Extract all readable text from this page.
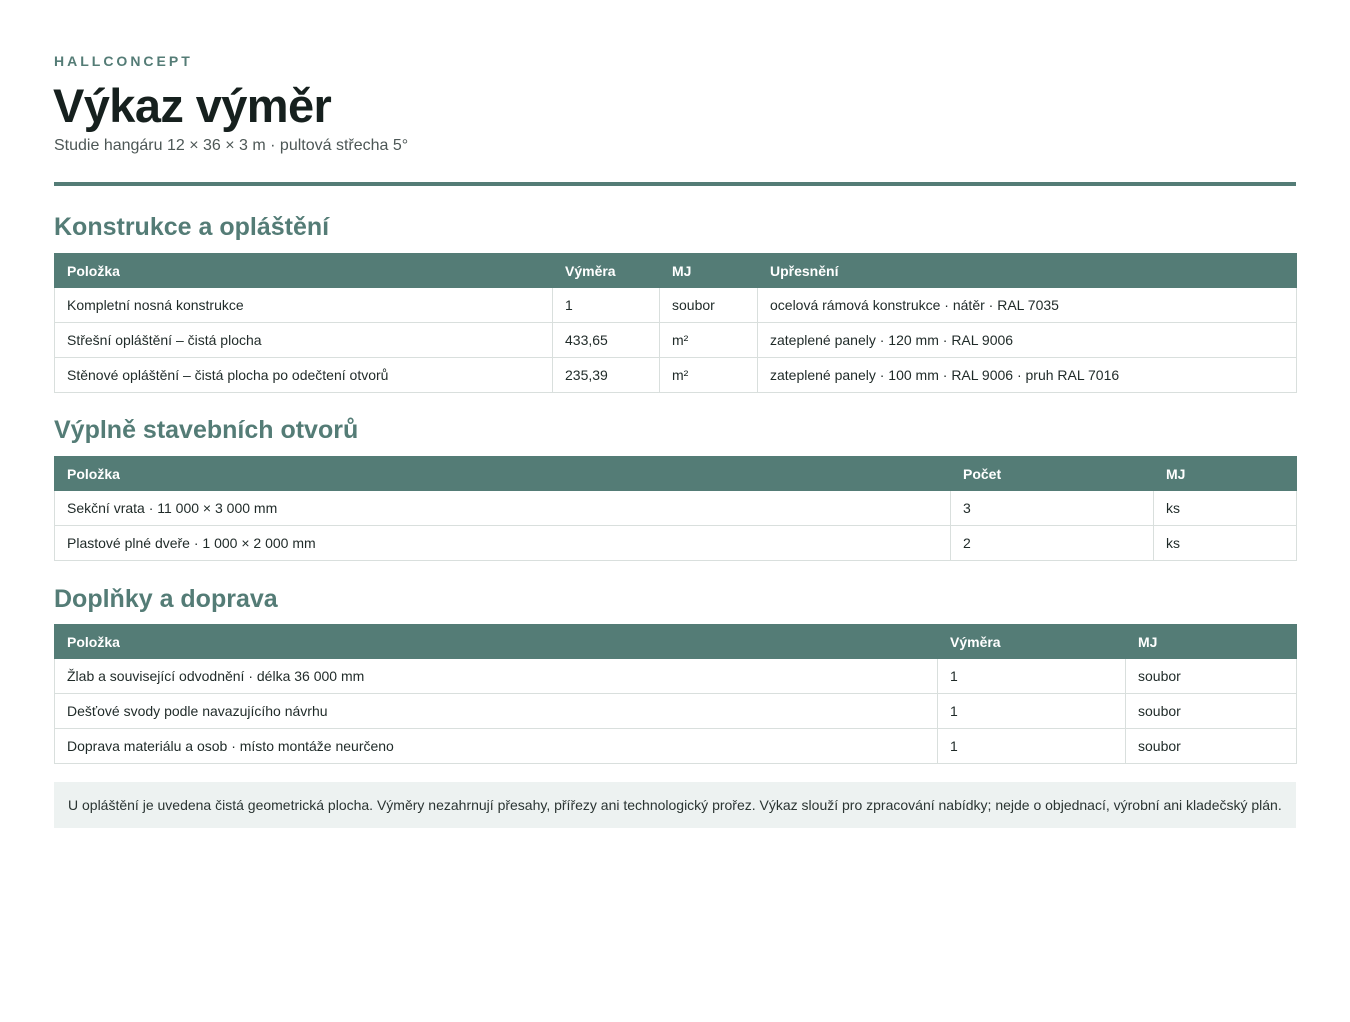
HALLCONCEPT
Výkaz výměr
Studie hangáru 12 × 36 × 3 m · pultová střecha 5°
Konstrukce a opláštění
Položka	Výměra	MJ	Upřesnění
Kompletní nosná konstrukce	1	soubor	ocelová rámová konstrukce · nátěr · RAL 7035
Střešní opláštění – čistá plocha	433,65	m²	zateplené panely · 120 mm · RAL 9006
Stěnové opláštění – čistá plocha po odečtení otvorů	235,39	m²	zateplené panely · 100 mm · RAL 9006 · pruh RAL 7016
Výplně stavebních otvorů
Položka	Počet	MJ
Sekční vrata · 11 000 × 3 000 mm	3	ks
Plastové plné dveře · 1 000 × 2 000 mm	2	ks
Doplňky a doprava
Položka	Výměra	MJ
Žlab a související odvodnění · délka 36 000 mm	1	soubor
Dešťové svody podle navazujícího návrhu	1	soubor
Doprava materiálu a osob · místo montáže neurčeno	1	soubor
U opláštění je uvedena čistá geometrická plocha. Výměry nezahrnují přesahy, přířezy ani technologický prořez. Výkaz slouží pro zpracování nabídky; nejde o objednací, výrobní ani kladečský plán.
